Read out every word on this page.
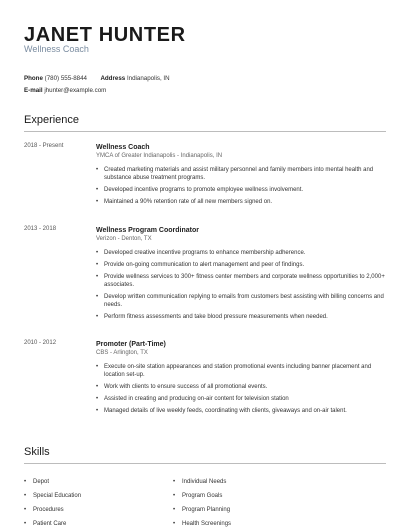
JANET HUNTER
Wellness Coach
Phone (780) 555-8844 Address Indianapolis, IN
E-mail jhunter@example.com
Experience
2018 - Present	Wellness Coach
YMCA of Greater Indianapolis - Indianapolis, IN
• Created marketing materials and assist military personnel and family members into mental health and substance abuse treatment programs.
• Developed incentive programs to promote employee wellness involvement.
• Maintained a 90% retention rate of all new members signed on.
2013 - 2018	Wellness Program Coordinator
Verizon - Denton, TX
• Developed creative incentive programs to enhance membership adherence.
• Provide on-going communication to alert management and peer of findings.
• Provide wellness services to 300+ fitness center members and corporate wellness opportunities to 2,000+ associates.
• Develop written communication replying to emails from customers best assisting with billing concerns and needs.
• Perform fitness assessments and take blood pressure measurements when needed.
2010 - 2012	Promoter (Part-Time)
CBS - Arlington, TX
• Execute on-site station appearances and station promotional events including banner placement and location set-up.
• Work with clients to ensure success of all promotional events.
• Assisted in creating and producing on-air content for television station
• Managed details of live weekly feeds, coordinating with clients, giveaways and on-air talent.
Skills
• Depot
• Special Education
• Procedures
• Patient Care
• Individual Needs
• Program Goals
• Program Planning
• Health Screenings
